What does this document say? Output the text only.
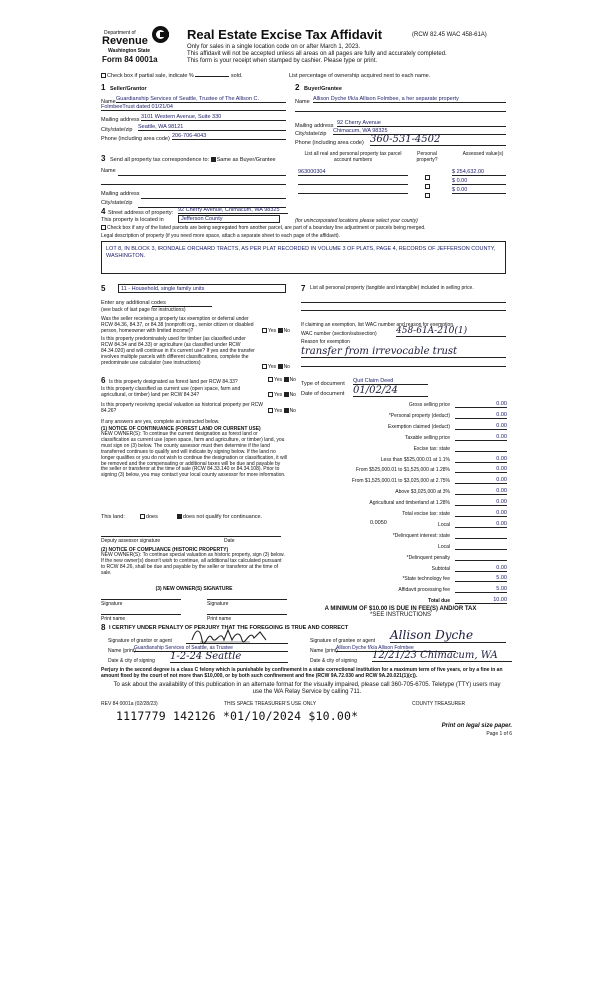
Department of
Revenue
Washington State
Form 84 0001a
Real Estate Excise Tax Affidavit	(RCW 82.45 WAC 458-61A)
Only for sales in a single location code on or after March 1, 2023.
This affidavit will not be accepted unless all areas on all pages are fully and accurately completed.
This form is your receipt when stamped by cashier. Please type or print.
Check box if partial sale, indicate %	sold.	List percentage of ownership acquired next to each name.
1 Seller/Grantor
Name Guardianship Services of Seattle, Trustee of The Allison C.
FolmbeeTrust dated 01/21/04
Mailing address 3101 Western Avenue, Suite 330
City/state/zip Seattle, WA 98121
Phone (including area code) 206-706-4043
2 Buyer/Grantee
Name Allison Dyche f/k/a Allison Folmbee, a her separate property
Mailing address 92 Cherry Avenue
City/state/zip Chimacum, WA 98325
Phone (including area code) 360-531-4502
3 Send all property tax correspondence to: Same as Buyer/Grantee
Name
Mailing address
City/state/zip
List all real and personal property tax parcel account numbers
Personal property?
Assessed value(s)
963000304	$ 254,632.00
$ 0.00
$ 0.00
4 Street address of property: 92 Cherry Avenue, Chimacum, WA 98325
This property is located in	Jefferson County	(for unincorporated locations please select your county)
Check box if any of the listed parcels are being segregated from another parcel, are part of a boundary line adjustment or parcels being merged.
Legal description of property (if you need more space, attach a separate sheet to each page of the affidavit).
LOT 8, IN BLOCK 3, IRONDALE ORCHARD TRACTS, AS PER PLAT RECORDED IN VOLUME 3 OF PLATS, PAGE 4, RECORDS OF JEFFERSON COUNTY, WASHINGTON.
5	11 - Household, single family units
Enter any additional codes
(see back of last page for instructions)
Was the seller receiving a property tax exemption or deferral under RCW 84.36, 84.37, or 84.38 (nonprofit org., senior citizen or disabled person, homeowner with limited income)?	Yes No
Is this property predominately used for timber (as classified under RCW 84.34 and 84.33) or agriculture (as classified under RCW 84.34.020) and will continue in it's current use? If yes and the transfer involves multiple parcels with different classifications, complete the predominate use calculator (see instructions)
Yes No
6 Is this property designated as forest land per RCW 84.33?	Yes No
Is this property classified as current use (open space, farm and agricultural, or timber) land per RCW 84.34?	Yes No
Is this property receiving special valuation as historical property per RCW 84.26?	Yes No
If any answers are yes, complete as instructed below.
(1) NOTICE OF CONTINUANCE (FOREST LAND OR CURRENT USE)
NEW OWNER(S): To continue the current designation as forest land or classification as current use (open space, farm and agriculture, or timber) land, you must sign on (3) below. The county assessor must then determine if the land transferred continues to qualify and will indicate by signing below. If the land no longer qualifies or you do not wish to continue the designation or classification, it will be removed and the compensating or additional taxes will be due and payable by the seller or transferor at the time of sale (RCW 84.33.140 or 84.34.108). Prior to signing (3) below, you may contact your local county assessor for more information.
This land:	does	does not qualify for continuance.
Deputy assessor signature	Date
(2) NOTICE OF COMPLIANCE (HISTORIC PROPERTY)
NEW OWNER(S): To continue special valuation as historic property, sign (3) below. If the new owner(s) doesn't wish to continue, all additional tax calculated pursuant to RCW 84.26, shall be due and payable by the seller or transferor at the time of sale.
(3) NEW OWNER(S) SIGNATURE
Signature	Signature
Print name	Print name
7 List all personal property (tangible and intangible) included in selling price.
If claiming an exemption, list WAC number and reason for exemption.
WAC number (section/subsection) 458-61A-210(1)
Reason for exemption
transfer from irrevocable trust
Type of document Quit Claim Deed
Date of document 01/02/24
Gross selling price	0.00
*Personal property (deduct)	0.00
Exemption claimed (deduct)	0.00
Taxable selling price	0.00
Excise tax: state
Less than $525,000.01 at 1.1%	0.00
From $525,000.01 to $1,525,000 at 1.28%	0.00
From $1,525,000.01 to $3,025,000 at 2.75%	0.00
Above $3,025,000 at 3%	0.00
Agricultural and timberland at 1.28%	0.00
Total excise tax: state	0.00
Local	0.00
*Delinquent interest: state
Local
*Delinquent penalty
Subtotal	0.00
*State technology fee	5.00
Affidavit processing fee	5.00
Total due	10.00
0.0050
A MINIMUM OF $10.00 IS DUE IN FEE(S) AND/OR TAX
*SEE INSTRUCTIONS
8 I CERTIFY UNDER PENALTY OF PERJURY THAT THE FOREGOING IS TRUE AND CORRECT
Signature of grantor or agent
Name (print)
Guardianship Services of Seattle, as Trustee
Date & city of signing 1-2-24 Seattle
Signature of grantee or agent Allison Dyche
Name (print)
Allison Dyche f/k/a Allison Folmbee
Date & city of signing 12/21/23 Chimacum, WA
Perjury in the second degree is a class C felony which is punishable by confinement in a state correctional institution for a maximum term of five years, or by a fine in an amount fixed by the court of not more than $10,000, or by both such confinement and fine (RCW 9A.72.030 and RCW 9A.20.021(1)(c)).
To ask about the availability of this publication in an alternate format for the visually impaired, please call 360-705-6705. Teletype (TTY) users may use the WA Relay Service by calling 711.
REV 84 0001a (02/28/23)	THIS SPACE TREASURER'S USE ONLY	COUNTY TREASURER
1117779 142126 *01/10/2024 $10.00*
Print on legal size paper.
Page 1 of 6
